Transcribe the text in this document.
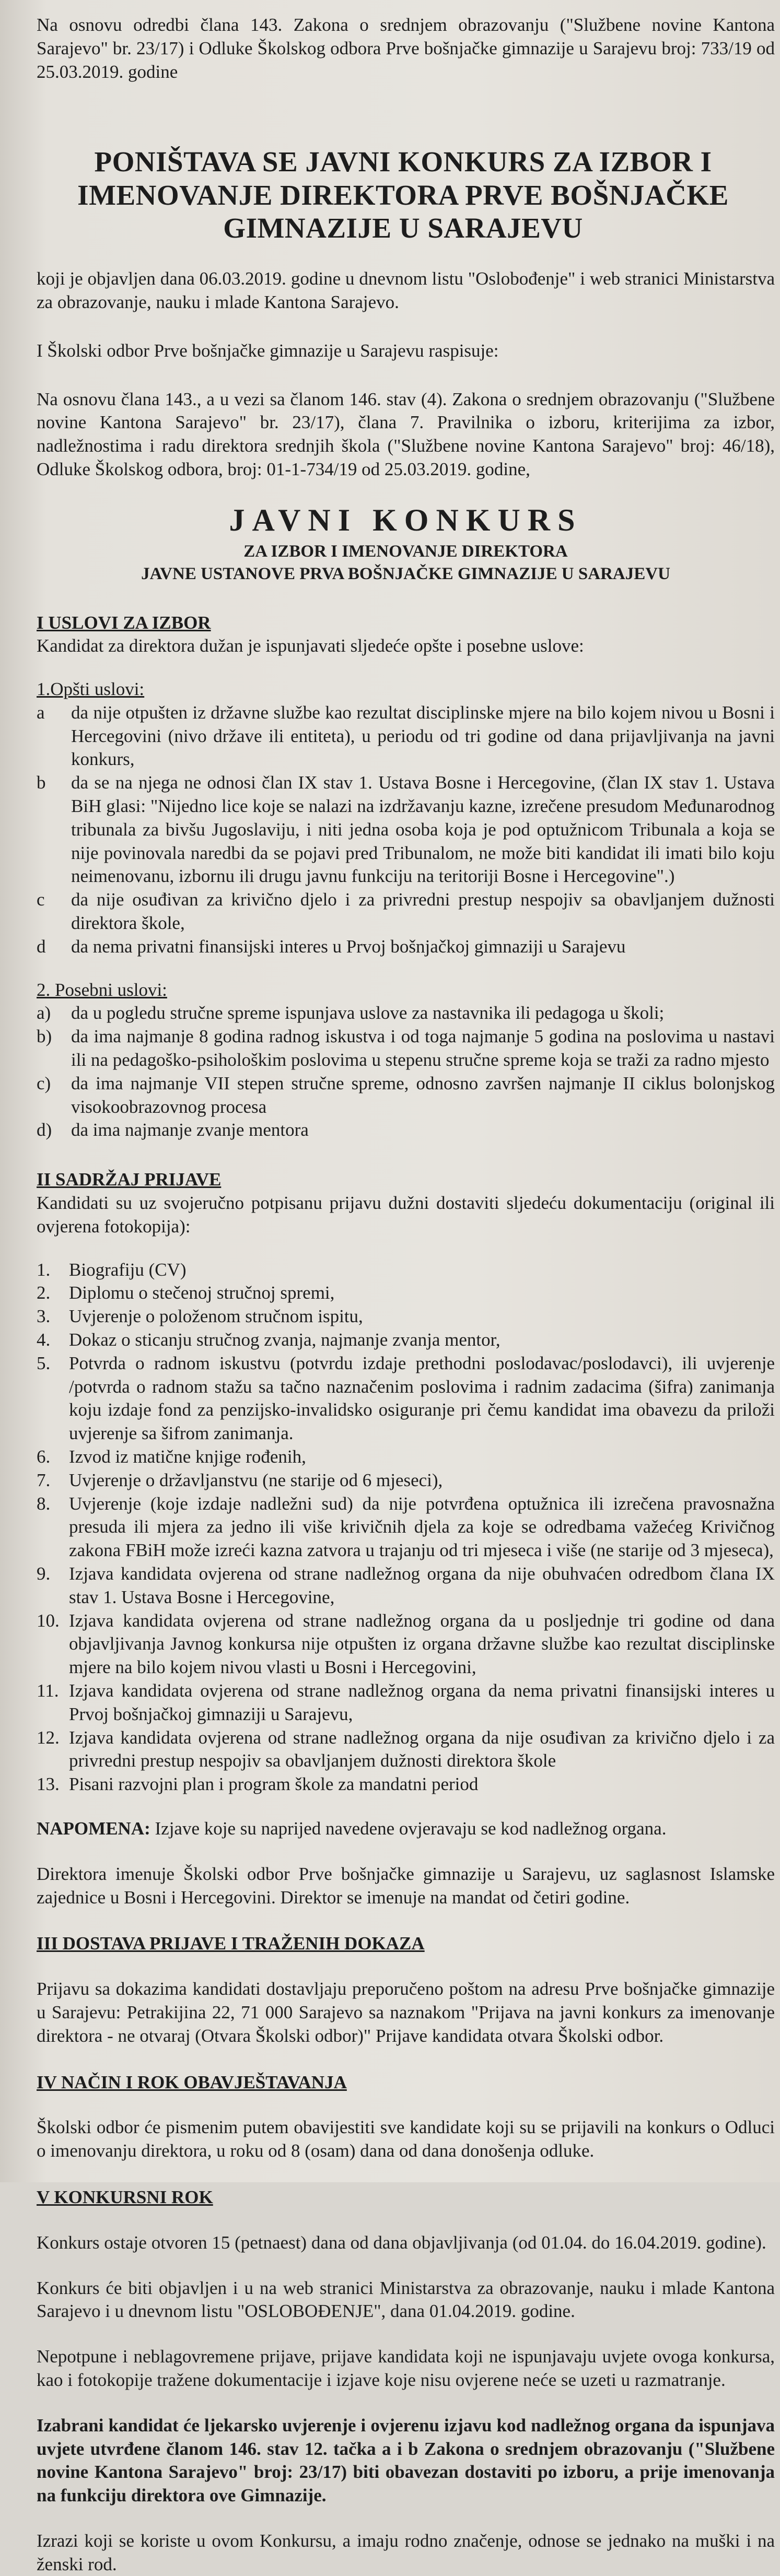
Na osnovu odredbi člana 143. Zakona o srednjem obrazovanju ("Službene novine Kantona Sarajevo" br. 23/17) i Odluke Školskog odbora Prve bošnjačke gimnazije u Sarajevu broj: 733/19 od 25.03.2019. godine

PONIŠTAVA SE JAVNI KONKURS ZA IZBOR I IMENOVANJE DIREKTORA PRVE BOŠNJAČKE GIMNAZIJE U SARAJEVU

koji je objavljen dana 06.03.2019. godine u dnevnom listu "Oslobođenje" i web stranici Ministarstva za obrazovanje, nauku i mlade Kantona Sarajevo.

I Školski odbor Prve bošnjačke gimnazije u Sarajevu raspisuje:

Na osnovu člana 143., a u vezi sa članom 146. stav (4). Zakona o srednjem obrazovanju ("Službene novine Kantona Sarajevo" br. 23/17), člana 7. Pravilnika o izboru, kriterijima za izbor, nadležnostima i radu direktora srednjih škola ("Službene novine Kantona Sarajevo" broj: 46/18), Odluke Školskog odbora, broj: 01-1-734/19 od 25.03.2019. godine,

JAVNI KONKURS

ZA IZBOR I IMENOVANJE DIREKTORA

JAVNE USTANOVE PRVA BOŠNJAČKE GIMNAZIJE U SARAJEVU

I USLOVI ZA IZBOR

Kandidat za direktora dužan je ispunjavati sljedeće opšte i posebne uslove:

1.Opšti uslovi:

a	da nije otpušten iz državne službe kao rezultat disciplinske mjere na bilo kojem nivou u Bosni i Hercegovini (nivo države ili entiteta), u periodu od tri godine od dana prijavljivanja na javni konkurs,
b	da se na njega ne odnosi član IX stav 1. Ustava Bosne i Hercegovine, (član IX stav 1. Ustava BiH glasi: "Nijedno lice koje se nalazi na izdržavanju kazne, izrečene presudom Međunarodnog tribunala za bivšu Jugoslaviju, i niti jedna osoba koja je pod optužnicom Tribunala a koja se nije povinovala naredbi da se pojavi pred Tribunalom, ne može biti kandidat ili imati bilo koju neimenovanu, izbornu ili drugu javnu funkciju na teritoriji Bosne i Hercegovine".)
c	da nije osuđivan za krivično djelo i za privredni prestup nespojiv sa obavljanjem dužnosti direktora škole,
d	da nema privatni finansijski interes u Prvoj bošnjačkoj gimnaziji u Sarajevu

2. Posebni uslovi:

a)	da u pogledu stručne spreme ispunjava uslove za nastavnika ili pedagoga u školi;
b)	da ima najmanje 8 godina radnog iskustva i od toga najmanje 5 godina na poslovima u nastavi ili na pedagoško-psihološkim poslovima u stepenu stručne spreme koja se traži za radno mjesto
c)	da ima najmanje VII stepen stručne spreme, odnosno završen najmanje II ciklus bolonjskog visokoobrazovnog procesa
d)	da ima najmanje zvanje mentora

II SADRŽAJ PRIJAVE

Kandidati su uz svojeručno potpisanu prijavu dužni dostaviti sljedeću dokumentaciju (original ili ovjerena fotokopija):

1.	Biografiju (CV)
2.	Diplomu o stečenoj stručnoj spremi,
3.	Uvjerenje o položenom stručnom ispitu,
4.	Dokaz o sticanju stručnog zvanja, najmanje zvanja mentor,
5.	Potvrda o radnom iskustvu (potvrdu izdaje prethodni poslodavac/poslodavci), ili uvjerenje /potvrda o radnom stažu sa tačno naznačenim poslovima i radnim zadacima (šifra) zanimanja koju izdaje fond za penzijsko-invalidsko osiguranje pri čemu kandidat ima obavezu da priloži uvjerenje sa šifrom zanimanja.
6.	Izvod iz matične knjige rođenih,
7.	Uvjerenje o državljanstvu (ne starije od 6 mjeseci),
8.	Uvjerenje (koje izdaje nadležni sud) da nije potvrđena optužnica ili izrečena pravosnažna presuda ili mjera za jedno ili više krivičnih djela za koje se odredbama važećeg Krivičnog zakona FBiH može izreći kazna zatvora u trajanju od tri mjeseca i više (ne starije od 3 mjeseca),
9.	Izjava kandidata ovjerena od strane nadležnog organa da nije obuhvaćen odredbom člana IX stav 1. Ustava Bosne i Hercegovine,
10. Izjava kandidata ovjerena od strane nadležnog organa da u posljednje tri godine od dana objavljivanja Javnog konkursa nije otpušten iz organa državne službe kao rezultat disciplinske mjere na bilo kojem nivou vlasti u Bosni i Hercegovini,
11. Izjava kandidata ovjerena od strane nadležnog organa da nema privatni finansijski interes u Prvoj bošnjačkoj gimnaziji u Sarajevu,
12. Izjava kandidata ovjerena od strane nadležnog organa da nije osuđivan za krivično djelo i za privredni prestup nespojiv sa obavljanjem dužnosti direktora škole
13. Pisani razvojni plan i program škole za mandatni period

NAPOMENA: Izjave koje su naprijed navedene ovjeravaju se kod nadležnog organa.

Direktora imenuje Školski odbor Prve bošnjačke gimnazije u Sarajevu, uz saglasnost Islamske zajednice u Bosni i Hercegovini. Direktor se imenuje na mandat od četiri godine.

III DOSTAVA PRIJAVE I TRAŽENIH DOKAZA

Prijavu sa dokazima kandidati dostavljaju preporučeno poštom na adresu Prve bošnjačke gimnazije u Sarajevu: Petrakijina 22, 71 000 Sarajevo sa naznakom "Prijava na javni konkurs za imenovanje direktora - ne otvaraj (Otvara Školski odbor)" Prijave kandidata otvara Školski odbor.

IV NAČIN I ROK OBAVJEŠTAVANJA

Školski odbor će pismenim putem obavijestiti sve kandidate koji su se prijavili na konkurs o Odluci o imenovanju direktora, u roku od 8 (osam) dana od dana donošenja odluke.

V KONKURSNI ROK

Konkurs ostaje otvoren 15 (petnaest) dana od dana objavljivanja (od 01.04. do 16.04.2019. godine).

Konkurs će biti objavljen i u na web stranici Ministarstva za obrazovanje, nauku i mlade Kantona Sarajevo i u dnevnom listu "OSLOBOĐENJE", dana 01.04.2019. godine.

Nepotpune i neblagovremene prijave, prijave kandidata koji ne ispunjavaju uvjete ovoga konkursa, kao i fotokopije tražene dokumentacije i izjave koje nisu ovjerene neće se uzeti u razmatranje.

Izabrani kandidat će ljekarsko uvjerenje i ovjerenu izjavu kod nadležnog organa da ispunjava uvjete utvrđene članom 146. stav 12. tačka a i b Zakona o srednjem obrazovanju ("Službene novine Kantona Sarajevo" broj: 23/17) biti obavezan dostaviti po izboru, a prije imenovanja na funkciju direktora ove Gimnazije.

Izrazi koji se koriste u ovom Konkursu, a imaju rodno značenje, odnose se jednako na muški i na ženski rod.
